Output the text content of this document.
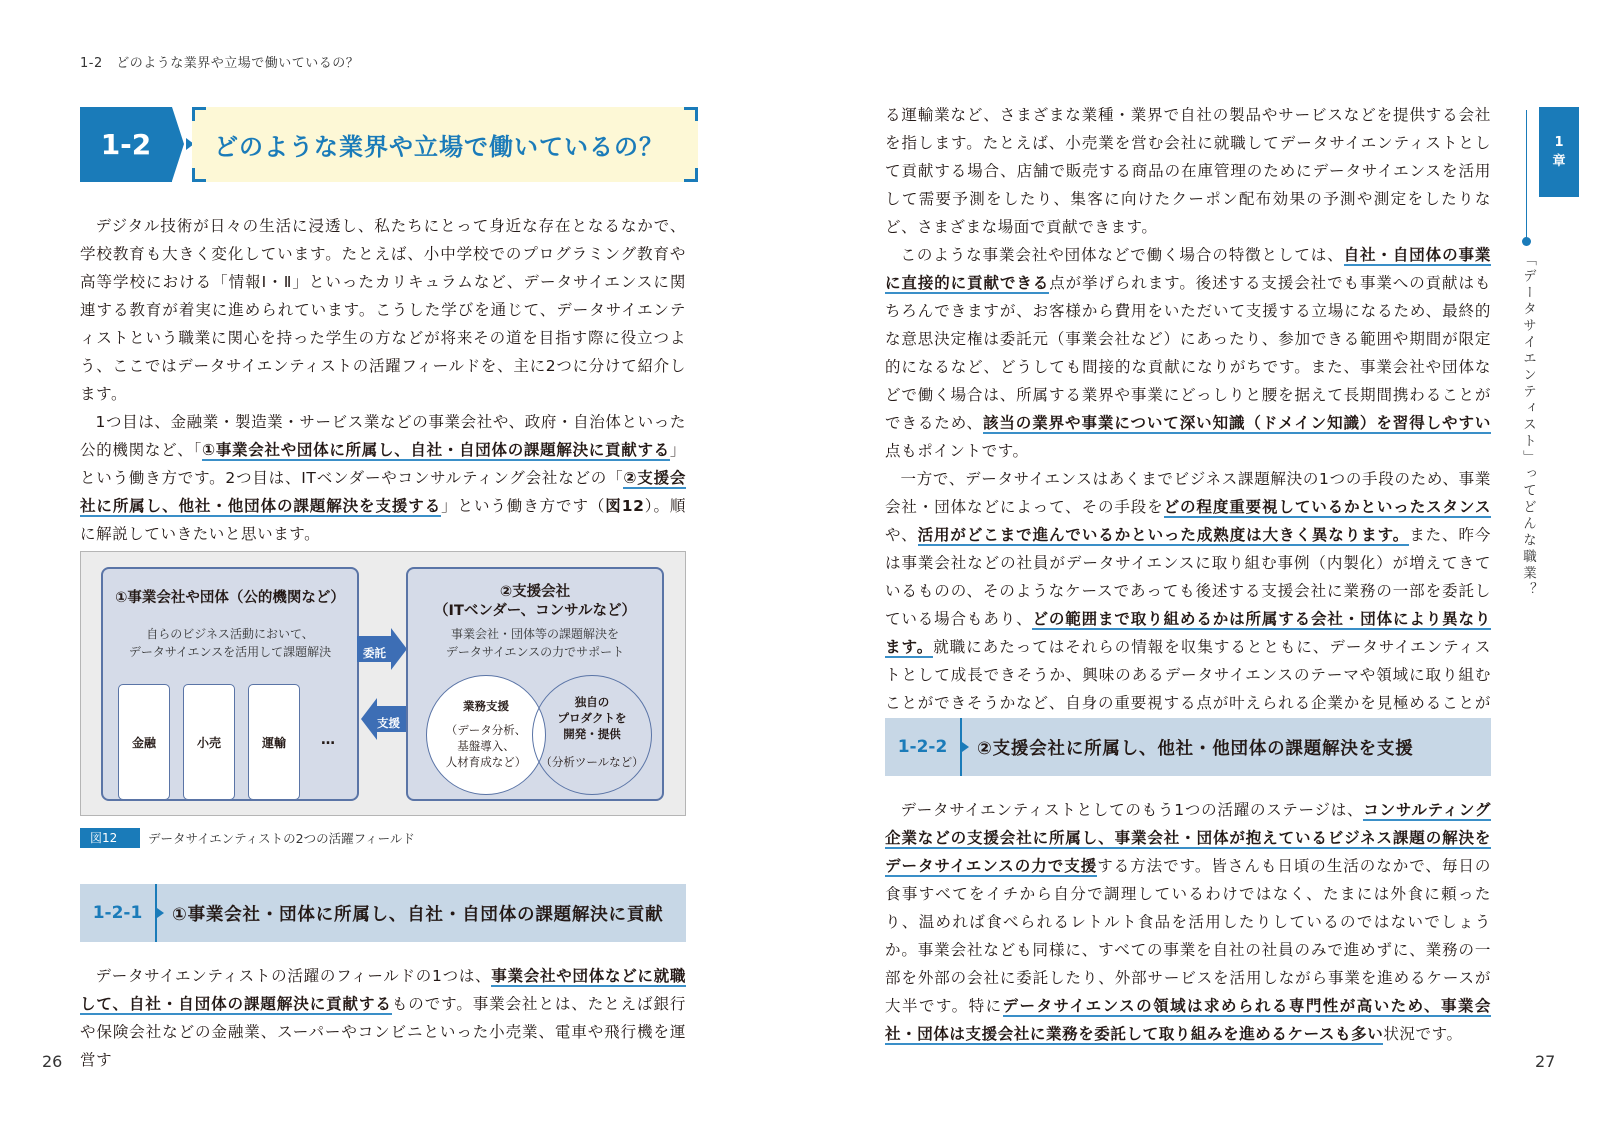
1-2　どのような業界や立場で働いているの？
1-2	どのような業界や立場で働いているの？

デジタル技術が日々の生活に浸透し、私たちにとって身近な存在となるなかで、学校教育も大きく変化しています。たとえば、小中学校でのプログラミング教育や高等学校における「情報Ⅰ・Ⅱ」といったカリキュラムなど、データサイエンスに関連する教育が着実に進められています。こうした学びを通じて、データサイエンティストという職業に関心を持った学生の方などが将来その道を目指す際に役立つよう、ここではデータサイエンティストの活躍フィールドを、主に2つに分けて紹介します。

1つ目は、金融業・製造業・サービス業などの事業会社や、政府・自治体といった公的機関など、「①事業会社や団体に所属し、自社・自団体の課題解決に貢献する」という働き方です。2つ目は、ITベンダーやコンサルティング会社などの「②支援会社に所属し、他社・他団体の課題解決を支援する」という働き方です（図12）。順に解説していきたいと思います。

①事業会社や団体（公的機関など）
自らのビジネス活動において、
データサイエンスを活用して課題解決
金融	小売	運輸	…
委託
支援
②支援会社
（ITベンダー、コンサルなど）
事業会社・団体等の課題解決を
データサイエンスの力でサポート
業務支援
（データ分析、
基盤導入、
人材育成など）
独自の
プロダクトを
開発・提供
（分析ツールなど）
図12	データサイエンティストの2つの活躍フィールド
1-2-1	①事業会社・団体に所属し、自社・自団体の課題解決に貢献

データサイエンティストの活躍のフィールドの1つは、事業会社や団体などに就職して、自社・自団体の課題解決に貢献するものです。事業会社とは、たとえば銀行や保険会社などの金融業、スーパーやコンビニといった小売業、電車や飛行機を運営す

26

る運輸業など、さまざまな業種・業界で自社の製品やサービスなどを提供する会社を指します。たとえば、小売業を営む会社に就職してデータサイエンティストとして貢献する場合、店舗で販売する商品の在庫管理のためにデータサイエンスを活用して需要予測をしたり、集客に向けたクーポン配布効果の予測や測定をしたりなど、さまざまな場面で貢献できます。

このような事業会社や団体などで働く場合の特徴としては、自社・自団体の事業に直接的に貢献できる点が挙げられます。後述する支援会社でも事業への貢献はもちろんできますが、お客様から費用をいただいて支援する立場になるため、最終的な意思決定権は委託元（事業会社など）にあったり、参加できる範囲や期間が限定的になるなど、どうしても間接的な貢献になりがちです。また、事業会社や団体などで働く場合は、所属する業界や事業にどっしりと腰を据えて長期間携わることができるため、該当の業界や事業について深い知識（ドメイン知識）を習得しやすい点もポイントです。

一方で、データサイエンスはあくまでビジネス課題解決の1つの手段のため、事業会社・団体などによって、その手段をどの程度重要視しているかといったスタンスや、活用がどこまで進んでいるかといった成熟度は大きく異なります。また、昨今は事業会社などの社員がデータサイエンスに取り組む事例（内製化）が増えてきているものの、そのようなケースであっても後述する支援会社に業務の一部を委託している場合もあり、どの範囲まで取り組めるかは所属する会社・団体により異なります。就職にあたってはそれらの情報を収集するとともに、データサイエンティストとして成長できそうか、興味のあるデータサイエンスのテーマや領域に取り組むことができそうかなど、自身の重要視する点が叶えられる企業かを見極めることが

1-2-2	②支援会社に所属し、他社・他団体の課題解決を支援

データサイエンティストとしてのもう1つの活躍のステージは、コンサルティング企業などの支援会社に所属し、事業会社・団体が抱えているビジネス課題の解決をデータサイエンスの力で支援する方法です。皆さんも日頃の生活のなかで、毎日の食事すべてをイチから自分で調理しているわけではなく、たまには外食に頼ったり、温めれば食べられるレトルト食品を活用したりしているのではないでしょうか。事業会社なども同様に、すべての事業を自社の社員のみで進めずに、業務の一部を外部の会社に委託したり、外部サービスを活用しながら事業を進めるケースが大半です。特にデータサイエンスの領域は求められる専門性が高いため、事業会社・団体は支援会社に業務を委託して取り組みを進めるケースも多い状況です。

1
章
「データサイエンティスト」ってどんな職業？
27
